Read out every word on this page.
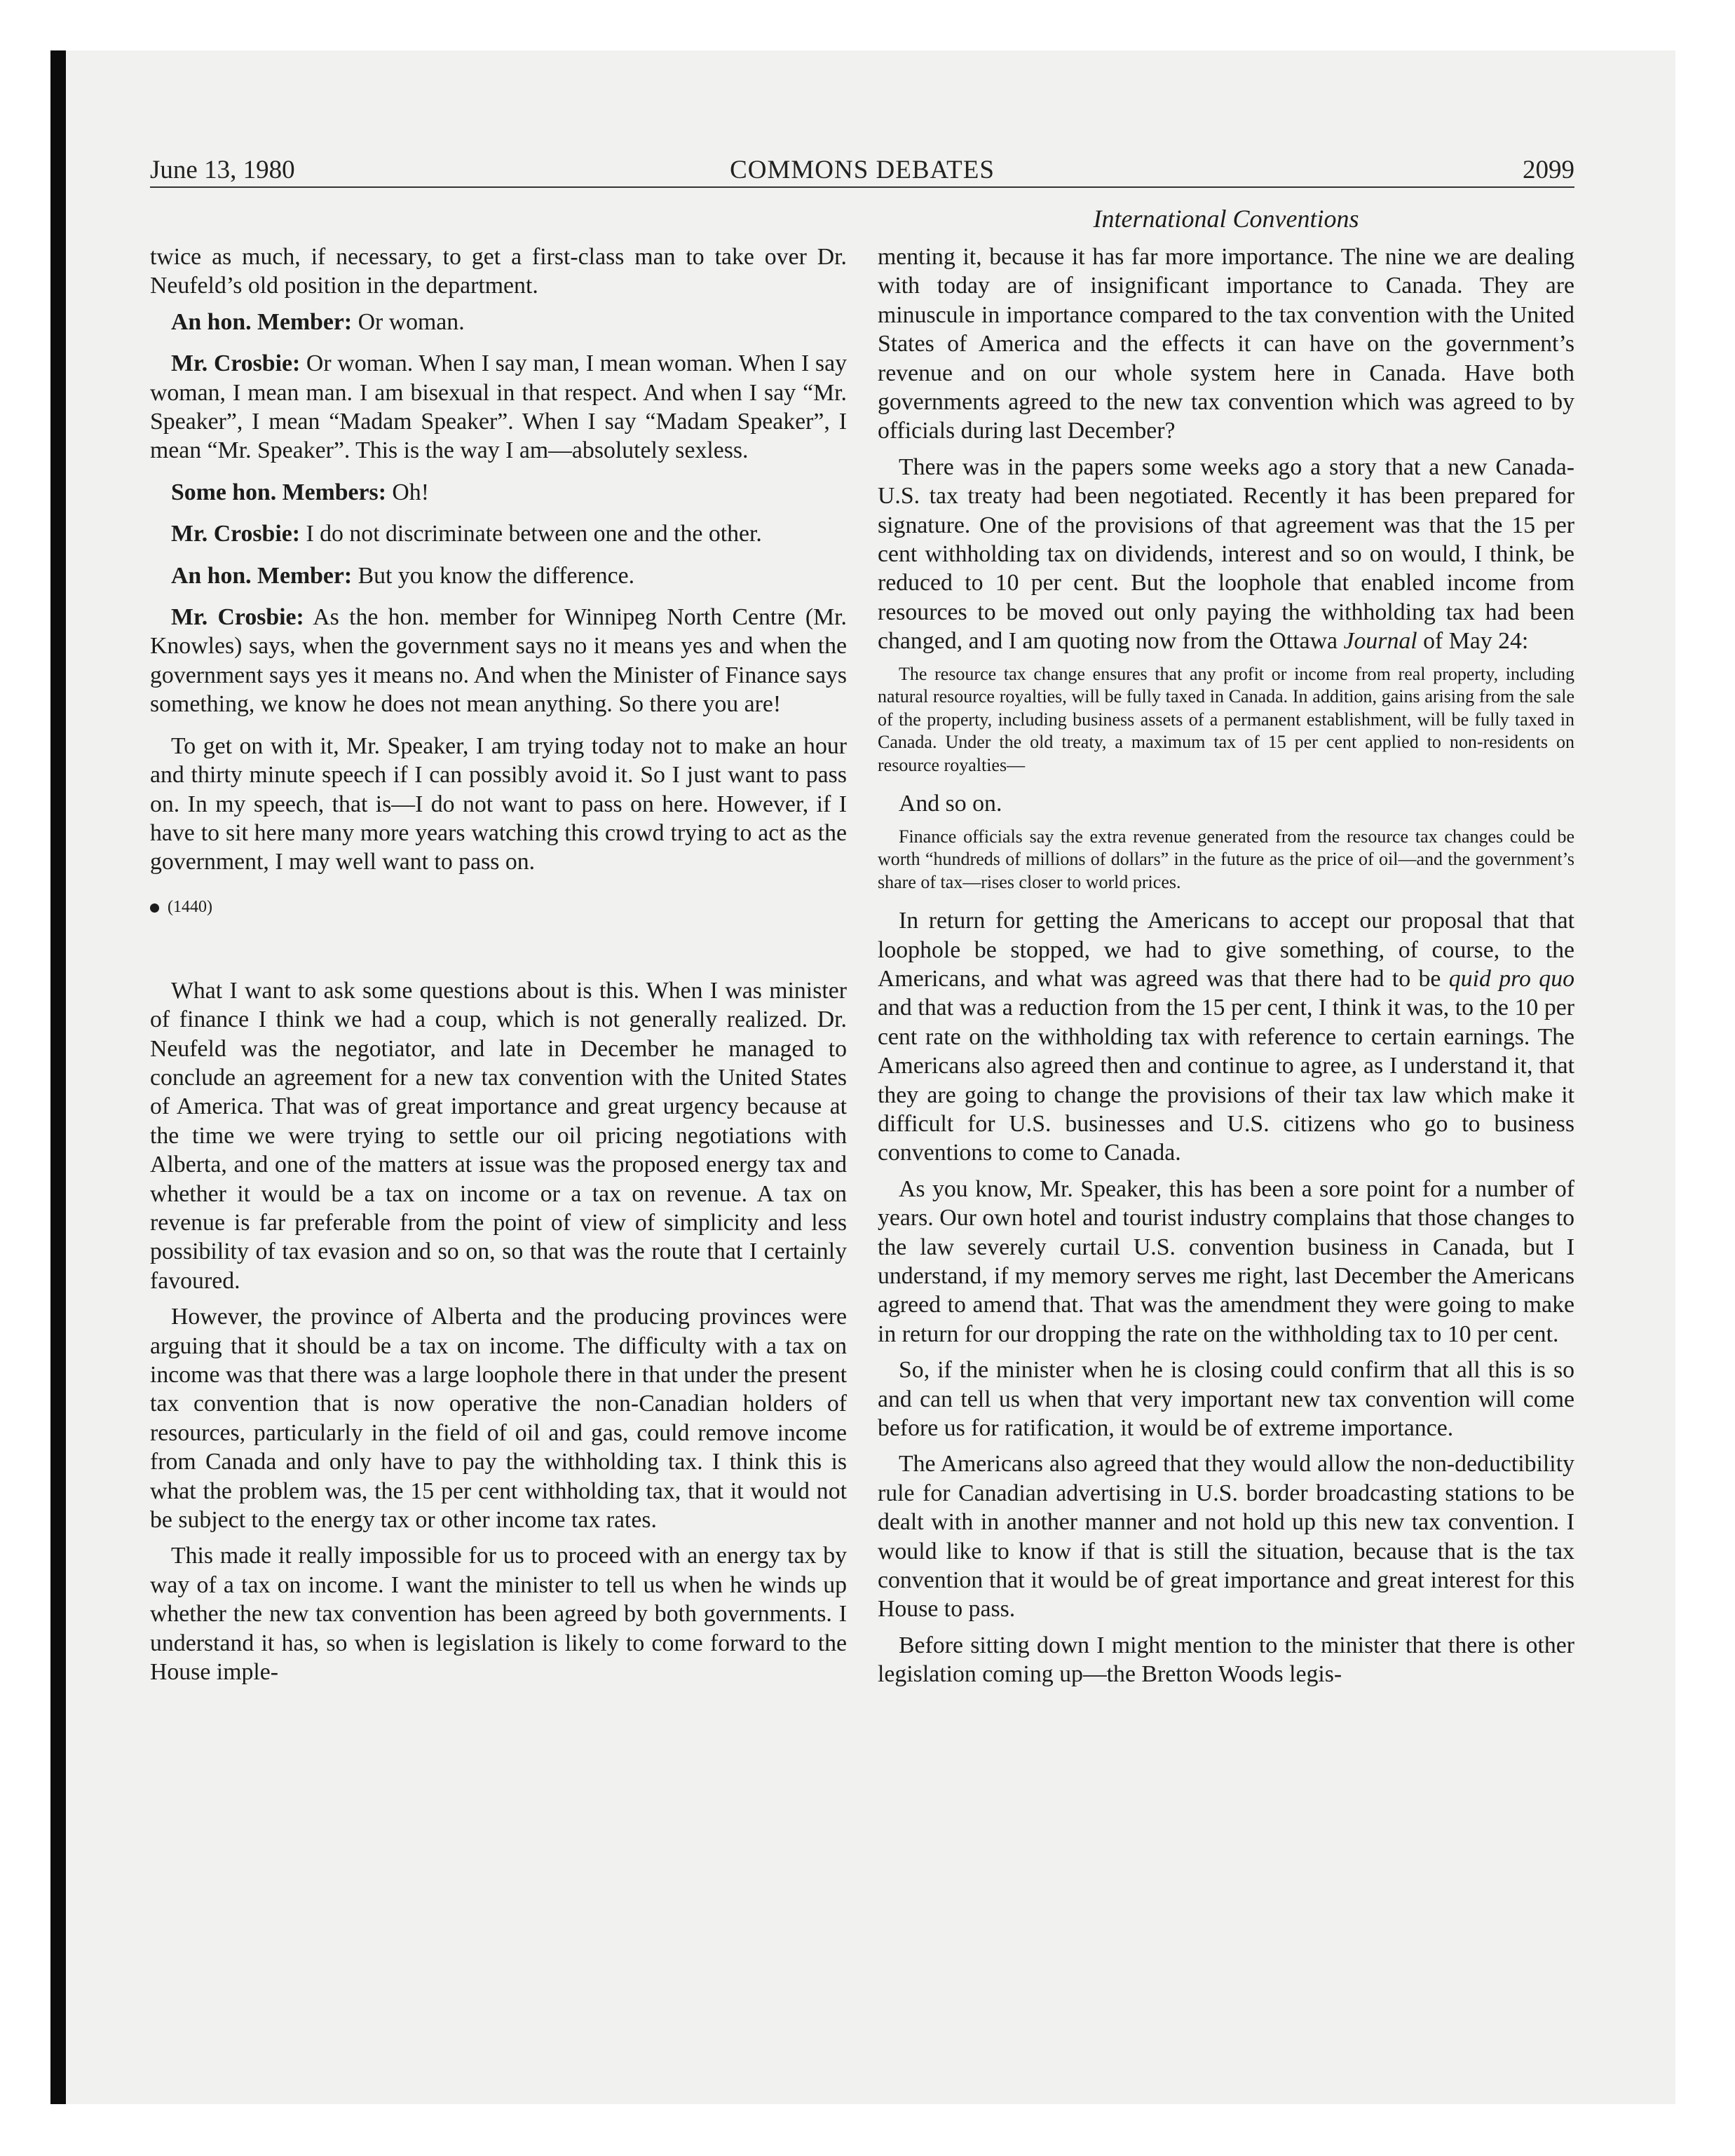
June 13, 1980	COMMONS DEBATES	2099
International Conventions

twice as much, if necessary, to get a first-class man to take over Dr. Neufeld’s old position in the department.

An hon. Member: Or woman.

Mr. Crosbie: Or woman. When I say man, I mean woman. When I say woman, I mean man. I am bisexual in that respect. And when I say “Mr. Speaker”, I mean “Madam Speaker”. When I say “Madam Speaker”, I mean “Mr. Speaker”. This is the way I am—absolutely sexless.

Some hon. Members: Oh!

Mr. Crosbie: I do not discriminate between one and the other.

An hon. Member: But you know the difference.

Mr. Crosbie: As the hon. member for Winnipeg North Centre (Mr. Knowles) says, when the government says no it means yes and when the government says yes it means no. And when the Minister of Finance says something, we know he does not mean anything. So there you are!

To get on with it, Mr. Speaker, I am trying today not to make an hour and thirty minute speech if I can possibly avoid it. So I just want to pass on. In my speech, that is—I do not want to pass on here. However, if I have to sit here many more years watching this crowd trying to act as the government, I may well want to pass on.

(1440)

What I want to ask some questions about is this. When I was minister of finance I think we had a coup, which is not generally realized. Dr. Neufeld was the negotiator, and late in December he managed to conclude an agreement for a new tax convention with the United States of America. That was of great importance and great urgency because at the time we were trying to settle our oil pricing negotiations with Alberta, and one of the matters at issue was the proposed energy tax and whether it would be a tax on income or a tax on revenue. A tax on revenue is far preferable from the point of view of simplicity and less possibility of tax evasion and so on, so that was the route that I certainly favoured.

However, the province of Alberta and the producing provinces were arguing that it should be a tax on income. The difficulty with a tax on income was that there was a large loophole there in that under the present tax convention that is now operative the non-Canadian holders of resources, particularly in the field of oil and gas, could remove income from Canada and only have to pay the withholding tax. I think this is what the problem was, the 15 per cent withholding tax, that it would not be subject to the energy tax or other income tax rates.

This made it really impossible for us to proceed with an energy tax by way of a tax on income. I want the minister to tell us when he winds up whether the new tax convention has been agreed by both governments. I understand it has, so when is legislation is likely to come forward to the House imple-

menting it, because it has far more importance. The nine we are dealing with today are of insignificant importance to Canada. They are minuscule in importance compared to the tax convention with the United States of America and the effects it can have on the government’s revenue and on our whole system here in Canada. Have both governments agreed to the new tax convention which was agreed to by officials during last December?

There was in the papers some weeks ago a story that a new Canada-U.S. tax treaty had been negotiated. Recently it has been prepared for signature. One of the provisions of that agreement was that the 15 per cent withholding tax on dividends, interest and so on would, I think, be reduced to 10 per cent. But the loophole that enabled income from resources to be moved out only paying the withholding tax had been changed, and I am quoting now from the Ottawa Journal of May 24:

The resource tax change ensures that any profit or income from real property, including natural resource royalties, will be fully taxed in Canada. In addition, gains arising from the sale of the property, including business assets of a permanent establishment, will be fully taxed in Canada. Under the old treaty, a maximum tax of 15 per cent applied to non-residents on resource royalties—

And so on.

Finance officials say the extra revenue generated from the resource tax changes could be worth “hundreds of millions of dollars” in the future as the price of oil—and the government’s share of tax—rises closer to world prices.

In return for getting the Americans to accept our proposal that that loophole be stopped, we had to give something, of course, to the Americans, and what was agreed was that there had to be quid pro quo and that was a reduction from the 15 per cent, I think it was, to the 10 per cent rate on the withholding tax with reference to certain earnings. The Americans also agreed then and continue to agree, as I understand it, that they are going to change the provisions of their tax law which make it difficult for U.S. businesses and U.S. citizens who go to business conventions to come to Canada.

As you know, Mr. Speaker, this has been a sore point for a number of years. Our own hotel and tourist industry complains that those changes to the law severely curtail U.S. convention business in Canada, but I understand, if my memory serves me right, last December the Americans agreed to amend that. That was the amendment they were going to make in return for our dropping the rate on the withholding tax to 10 per cent.

So, if the minister when he is closing could confirm that all this is so and can tell us when that very important new tax convention will come before us for ratification, it would be of extreme importance.

The Americans also agreed that they would allow the non-deductibility rule for Canadian advertising in U.S. border broadcasting stations to be dealt with in another manner and not hold up this new tax convention. I would like to know if that is still the situation, because that is the tax convention that it would be of great importance and great interest for this House to pass.

Before sitting down I might mention to the minister that there is other legislation coming up—the Bretton Woods legis-
